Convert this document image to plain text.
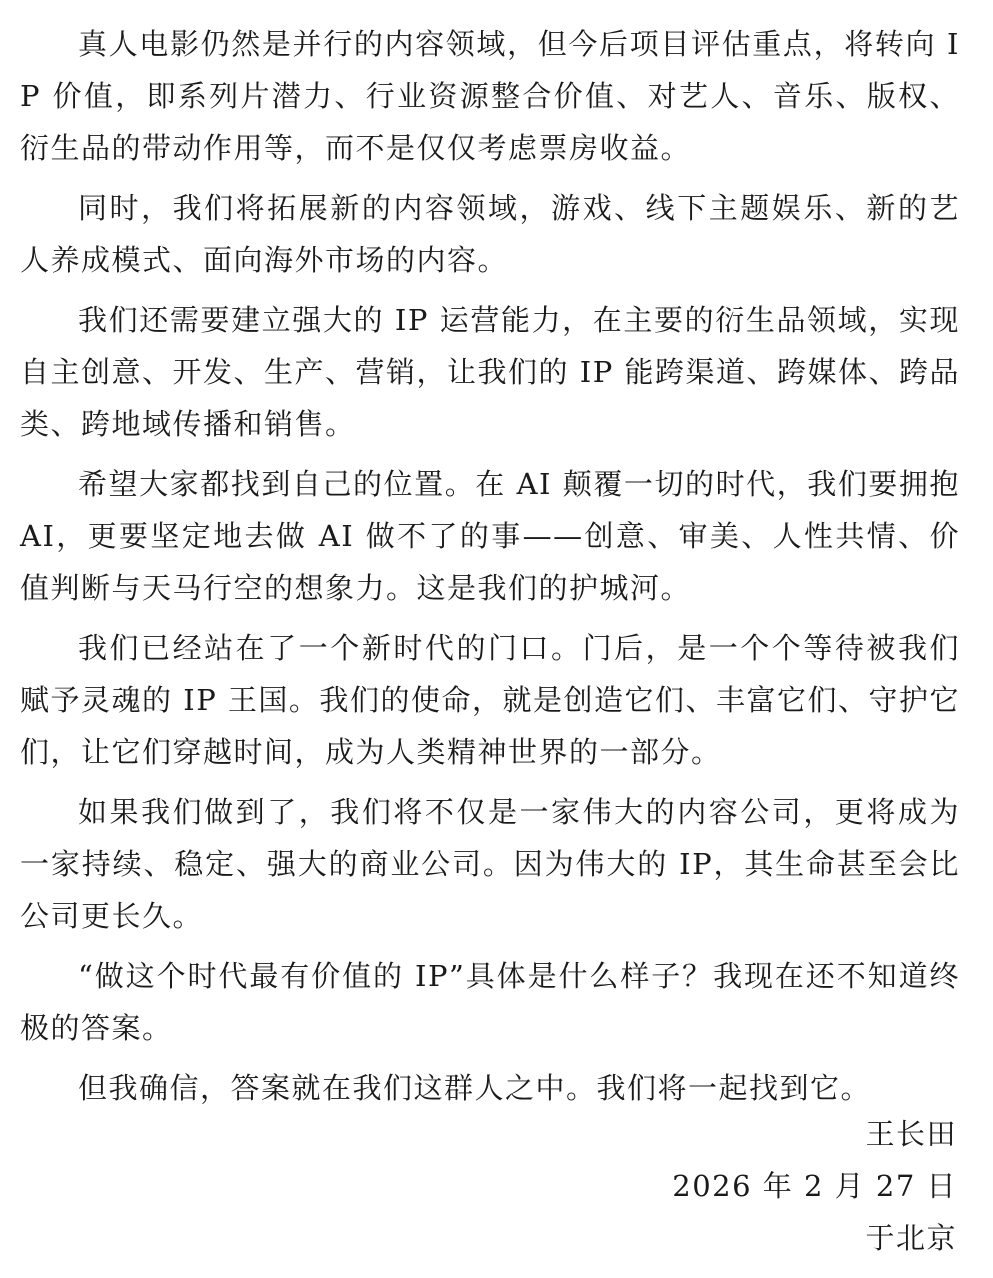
真人电影仍然是并行的内容领域，但今后项目评估重点，将转向 IP 价值，即系列片潜力、行业资源整合价值、对艺人、音乐、版权、衍生品的带动作用等，而不是仅仅考虑票房收益。

同时，我们将拓展新的内容领域，游戏、线下主题娱乐、新的艺人养成模式、面向海外市场的内容。

我们还需要建立强大的 IP 运营能力，在主要的衍生品领域，实现自主创意、开发、生产、营销，让我们的 IP 能跨渠道、跨媒体、跨品类、跨地域传播和销售。

希望大家都找到自己的位置。在 AI 颠覆一切的时代，我们要拥抱 AI，更要坚定地去做 AI 做不了的事——创意、审美、人性共情、价值判断与天马行空的想象力。这是我们的护城河。

我们已经站在了一个新时代的门口。门后，是一个个等待被我们赋予灵魂的 IP 王国。我们的使命，就是创造它们、丰富它们、守护它们，让它们穿越时间，成为人类精神世界的一部分。

如果我们做到了，我们将不仅是一家伟大的内容公司，更将成为一家持续、稳定、强大的商业公司。因为伟大的 IP，其生命甚至会比公司更长久。

“做这个时代最有价值的 IP”具体是什么样子？我现在还不知道终极的答案。

但我确信，答案就在我们这群人之中。我们将一起找到它。

王长田

2026 年 2 月 27 日

于北京
